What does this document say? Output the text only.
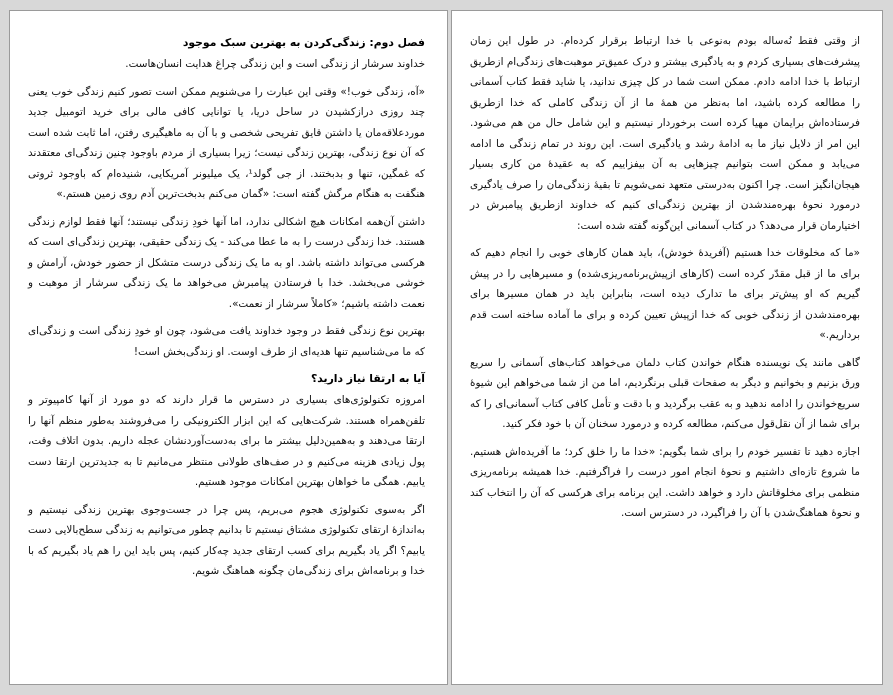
از وقتی فقط نُه‌ساله بودم به‌نوعی با خدا ارتباط برقرار کرده‌ام. در طول این زمان پیشرفت‌های بسیاری کردم و به یادگیری بیشتر و درک عمیق‌تر موهبت‌های زندگی‌ام ازطریق ارتباط با خدا ادامه دادم. ممکن است شما در کل چیزی ندانید، یا شاید فقط کتاب آسمانی را مطالعه کرده باشید، اما به‌نظر من همهٔ ما از آن زندگی کاملی که خدا ازطریق فرستاده‌اش برایمان مهیا کرده است برخوردار نیستیم و این شامل حال من هم می‌شود. این امر از دلایل نیاز ما به ادامهٔ رشد و یادگیری است. این روند در تمام زندگی ما ادامه می‌یابد و ممکن است بتوانیم چیزهایی به آن بیفزاییم که به عقیدهٔ من کاری بسیار هیجان‌انگیز است. چرا اکنون به‌درستی متعهد نمی‌شویم تا بقیهٔ زندگی‌مان را صرف یادگیری درمورد نحوهٔ بهره‌مندشدن از بهترین زندگی‌ای کنیم که خداوند ازطریق پیامبرش در اختیارمان قرار می‌دهد؟ در کتاب آسمانی این‌گونه گفته شده است:

«ما که مخلوقات خدا هستیم (آفریدهٔ خودش)، باید همان کارهای خوبی را انجام دهیم که برای ما از قبل مقدّر کرده است (کارهای ازپیش‌برنامه‌ریزی‌شده) و مسیرهایی را در پیش گیریم که او پیش‌تر برای ما تدارک دیده است، بنابراین باید در همان مسیرها برای بهره‌مندشدن از زندگی خوبی که خدا ازپیش تعیین کرده و برای ما آماده ساخته است قدم برداریم.»

گاهی مانند یک نویسنده هنگام خواندن کتاب دلمان می‌خواهد کتاب‌های آسمانی را سریع ورق بزنیم و بخوانیم و دیگر به صفحات قبلی برنگردیم، اما من از شما می‌خواهم این شیوهٔ سریع‌خواندن را ادامه ندهید و به عقب برگردید و با دقت و تأمل کافی کتاب آسمانی‌ای را که برای شما از آن نقل‌قول می‌کنم، مطالعه کرده و درمورد سخنان آن با خود فکر کنید.

اجازه دهید تا تفسیر خودم را برای شما بگویم: «خدا ما را خلق کرد؛ ما آفریده‌اش هستیم. ما شروع تازه‌ای داشتیم و نحوهٔ انجام امور درست را فراگرفتیم. خدا همیشه برنامه‌ریزی منظمی برای مخلوقاتش دارد و خواهد داشت. این برنامه برای هرکسی که آن را انتخاب کند و نحوهٔ هماهنگ‌شدن با آن را فراگیرد، در دسترس است.

فصل دوم: زندگی‌کردن به بهترین سبک موجود

خداوند سرشار از زندگی است و این زندگی چراغ هدایت انسان‌هاست.

«آه، زندگی خوب!» وقتی این عبارت را می‌شنویم ممکن است تصور کنیم زندگی خوب یعنی چند روزی درازکشیدن در ساحل دریا، یا توانایی کافی مالی برای خرید اتومبیل جدید موردعلاقه‌مان یا داشتن قایق تفریحی شخصی و با آن به ماهیگیری رفتن، اما ثابت شده است که آن نوع زندگی، بهترین زندگی نیست؛ زیرا بسیاری از مردم باوجود چنین زندگی‌ای معتقدند که غمگین، تنها و بدبختند. از جی گولد¹، یک میلیونر آمریکایی، شنیده‌ام که باوجود ثروتی هنگفت به هنگام مرگش گفته است: «گمان می‌کنم بدبخت‌ترین آدم روی زمین هستم.»

داشتن آن‌همه امکانات هیچ اشکالی ندارد، اما آنها خودِ زندگی نیستند؛ آنها فقط لوازم زندگی هستند. خدا زندگی درست را به ما عطا می‌کند - یک زندگی حقیقی، بهترین زندگی‌ای است که هرکسی می‌تواند داشته باشد. او به ما یک زندگی درست متشکل از حضور خودش، آرامش و خوشی می‌بخشد. خدا با فرستادن پیامبرش می‌خواهد ما یک زندگی سرشار از موهبت و نعمت داشته باشیم؛ «کاملاً سرشار از نعمت».

بهترین نوع زندگی فقط در وجود خداوند یافت می‌شود، چون او خودِ زندگی است و زندگی‌ای که ما می‌شناسیم تنها هدیه‌ای از طرف اوست. او زندگی‌بخش است!

آیا به ارتقا نیاز دارید؟

امروزه تکنولوژی‌های بسیاری در دسترس ما قرار دارند که دو مورد از آنها کامپیوتر و تلفن‌همراه هستند. شرکت‌هایی که این ابزار الکترونیکی را می‌فروشند به‌طور منظم آنها را ارتقا می‌دهند و به‌همین‌دلیل بیشتر ما برای به‌دست‌آوردنشان عجله داریم. بدون اتلاف وقت، پول زیادی هزینه می‌کنیم و در صف‌های طولانی منتظر می‌مانیم تا به جدیدترین ارتقا دست یابیم. همگی ما خواهان بهترین امکانات موجود هستیم.

اگر به‌سوی تکنولوژی هجوم می‌بریم، پس چرا در جست‌وجوی بهترین زندگی نیستیم و به‌اندازهٔ ارتقای تکنولوژی مشتاق نیستیم تا بدانیم چطور می‌توانیم به زندگی سطح‌بالایی دست یابیم؟ اگر یاد بگیریم برای کسب ارتقای جدید چه‌کار کنیم، پس باید این را هم یاد بگیریم که با خدا و برنامه‌اش برای زندگی‌مان چگونه هماهنگ شویم.
